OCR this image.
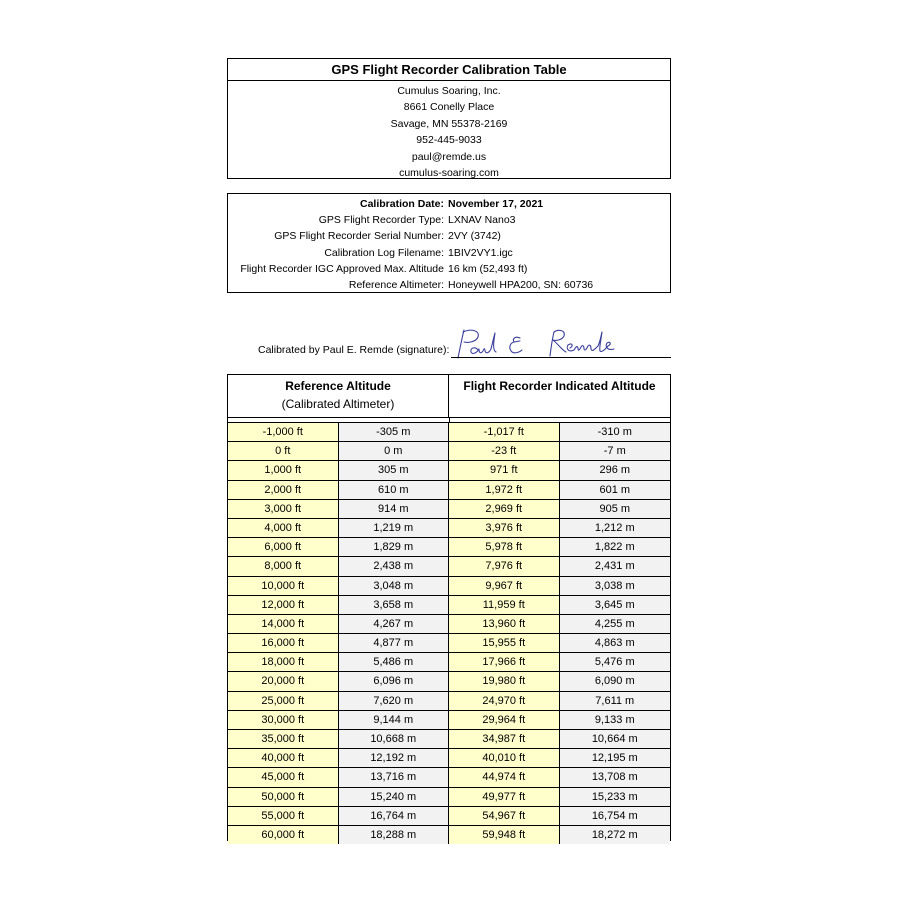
GPS Flight Recorder Calibration Table
Cumulus Soaring, Inc.
8661 Conelly Place
Savage, MN 55378-2169
952-445-9033
paul@remde.us
cumulus-soaring.com
Calibration Date: November 17, 2021
GPS Flight Recorder Type: LXNAV Nano3
GPS Flight Recorder Serial Number: 2VY (3742)
Calibration Log Filename: 1BIV2VY1.igc
Flight Recorder IGC Approved Max. Altitude 16 km (52,493 ft)
Reference Altimeter: Honeywell HPA200, SN: 60736
Calibrated by Paul E. Remde (signature):
Reference Altitude
(Calibrated Altimeter)
Flight Recorder Indicated Altitude
-1,000 ft	-305 m	-1,017 ft	-310 m
0 ft	0 m	-23 ft	-7 m
1,000 ft	305 m	971 ft	296 m
2,000 ft	610 m	1,972 ft	601 m
3,000 ft	914 m	2,969 ft	905 m
4,000 ft	1,219 m	3,976 ft	1,212 m
6,000 ft	1,829 m	5,978 ft	1,822 m
8,000 ft	2,438 m	7,976 ft	2,431 m
10,000 ft	3,048 m	9,967 ft	3,038 m
12,000 ft	3,658 m	11,959 ft	3,645 m
14,000 ft	4,267 m	13,960 ft	4,255 m
16,000 ft	4,877 m	15,955 ft	4,863 m
18,000 ft	5,486 m	17,966 ft	5,476 m
20,000 ft	6,096 m	19,980 ft	6,090 m
25,000 ft	7,620 m	24,970 ft	7,611 m
30,000 ft	9,144 m	29,964 ft	9,133 m
35,000 ft	10,668 m	34,987 ft	10,664 m
40,000 ft	12,192 m	40,010 ft	12,195 m
45,000 ft	13,716 m	44,974 ft	13,708 m
50,000 ft	15,240 m	49,977 ft	15,233 m
55,000 ft	16,764 m	54,967 ft	16,754 m
60,000 ft	18,288 m	59,948 ft	18,272 m
